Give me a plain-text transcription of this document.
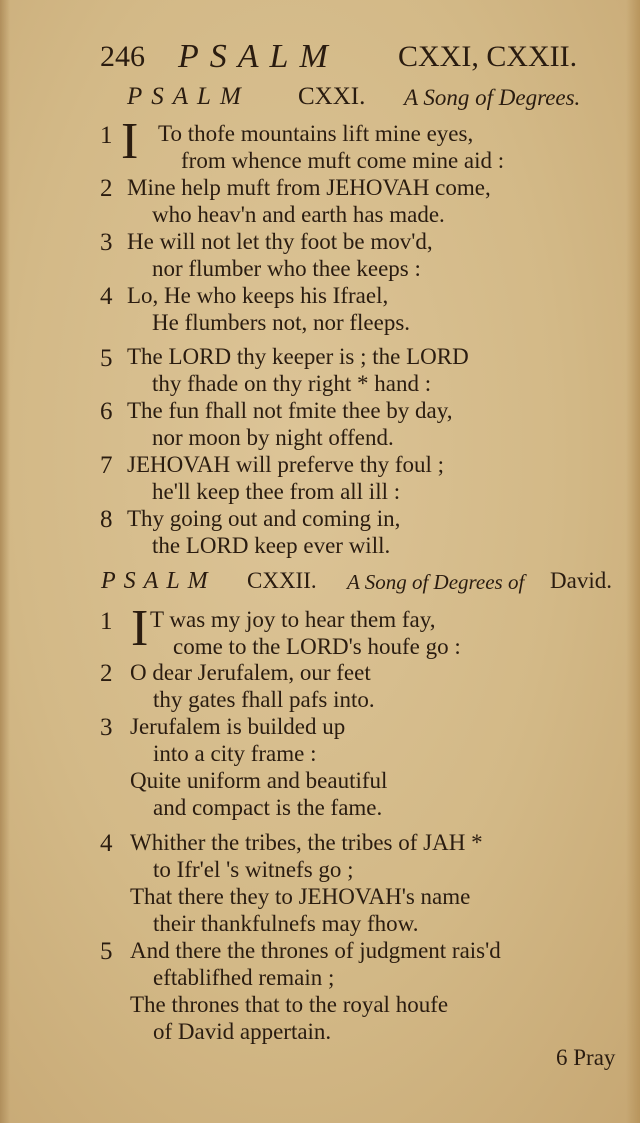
246 PSALM CXXI, CXXII.
PSALM CXXI. A Song of Degrees.
1 I To thofe mountains lift mine eyes,
from whence muft come mine aid :
2 Mine help muft from JEHOVAH come,
who heav'n and earth has made.
3 He will not let thy foot be mov'd,
nor flumber who thee keeps :
4 Lo, He who keeps his Ifrael,
He flumbers not, nor fleeps.
5 The LORD thy keeper is ; the LORD
thy fhade on thy right * hand :
6 The fun fhall not fmite thee by day,
nor moon by night offend.
7 JEHOVAH will preferve thy foul ;
he'll keep thee from all ill :
8 Thy going out and coming in,
the LORD keep ever will.
PSALM CXXII. A Song of Degrees of David.
1 I T was my joy to hear them fay,
come to the LORD's houfe go :
2 O dear Jerufalem, our feet
thy gates fhall pafs into.
3 Jerufalem is builded up
into a city frame :
Quite uniform and beautiful
and compact is the fame.
4 Whither the tribes, the tribes of JAH *
to Ifr'el 's witnefs go ;
That there they to JEHOVAH's name
their thankfulnefs may fhow.
5 And there the thrones of judgment rais'd
eftablifhed remain ;
The thrones that to the royal houfe
of David appertain.
6 Pray
